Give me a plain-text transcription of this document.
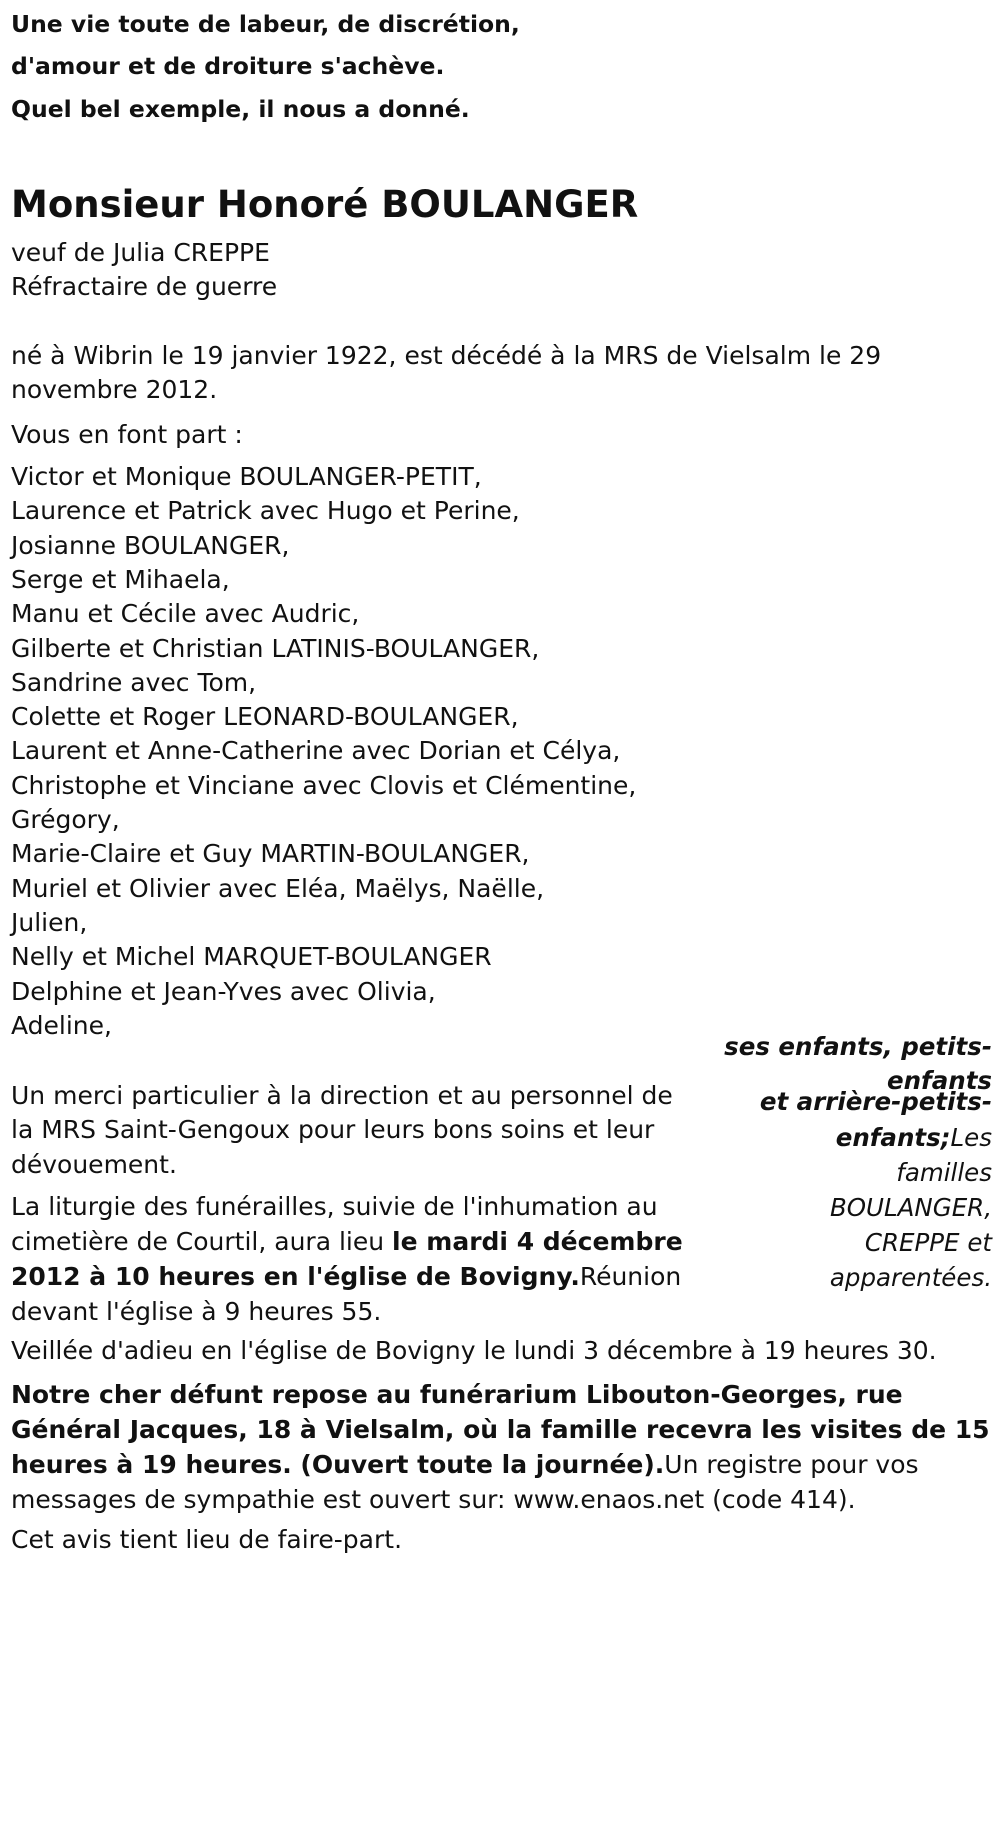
Une vie toute de labeur, de discrétion,
d'amour et de droiture s'achève.
Quel bel exemple, il nous a donné.
Monsieur Honoré BOULANGER
veuf de Julia CREPPE
Réfractaire de guerre
né à Wibrin le 19 janvier 1922, est décédé à la MRS de Vielsalm le 29
novembre 2012.
Vous en font part :
Victor et Monique BOULANGER-PETIT,
Laurence et Patrick avec Hugo et Perine,
Josianne BOULANGER,
Serge et Mihaela,
Manu et Cécile avec Audric,
Gilberte et Christian LATINIS-BOULANGER,
Sandrine avec Tom,
Colette et Roger LEONARD-BOULANGER,
Laurent et Anne-Catherine avec Dorian et Célya,
Christophe et Vinciane avec Clovis et Clémentine,
Grégory,
Marie-Claire et Guy MARTIN-BOULANGER,
Muriel et Olivier avec Eléa, Maëlys, Naëlle,
Julien,
Nelly et Michel MARQUET-BOULANGER
Delphine et Jean-Yves avec Olivia,
Adeline,
ses enfants, petits-
enfants
et arrière-petits-
enfants;Les
familles
BOULANGER,
CREPPE et
apparentées.
Un merci particulier à la direction et au personnel de
la MRS Saint-Gengoux pour leurs bons soins et leur
dévouement.
La liturgie des funérailles, suivie de l'inhumation au
cimetière de Courtil, aura lieu le mardi 4 décembre
2012 à 10 heures en l'église de Bovigny.Réunion
devant l'église à 9 heures 55.
Veillée d'adieu en l'église de Bovigny le lundi 3 décembre à 19 heures 30.
Notre cher défunt repose au funérarium Libouton-Georges, rue
Général Jacques, 18 à Vielsalm, où la famille recevra les visites de 15
heures à 19 heures. (Ouvert toute la journée).Un registre pour vos
messages de sympathie est ouvert sur: www.enaos.net (code 414).
Cet avis tient lieu de faire-part.
